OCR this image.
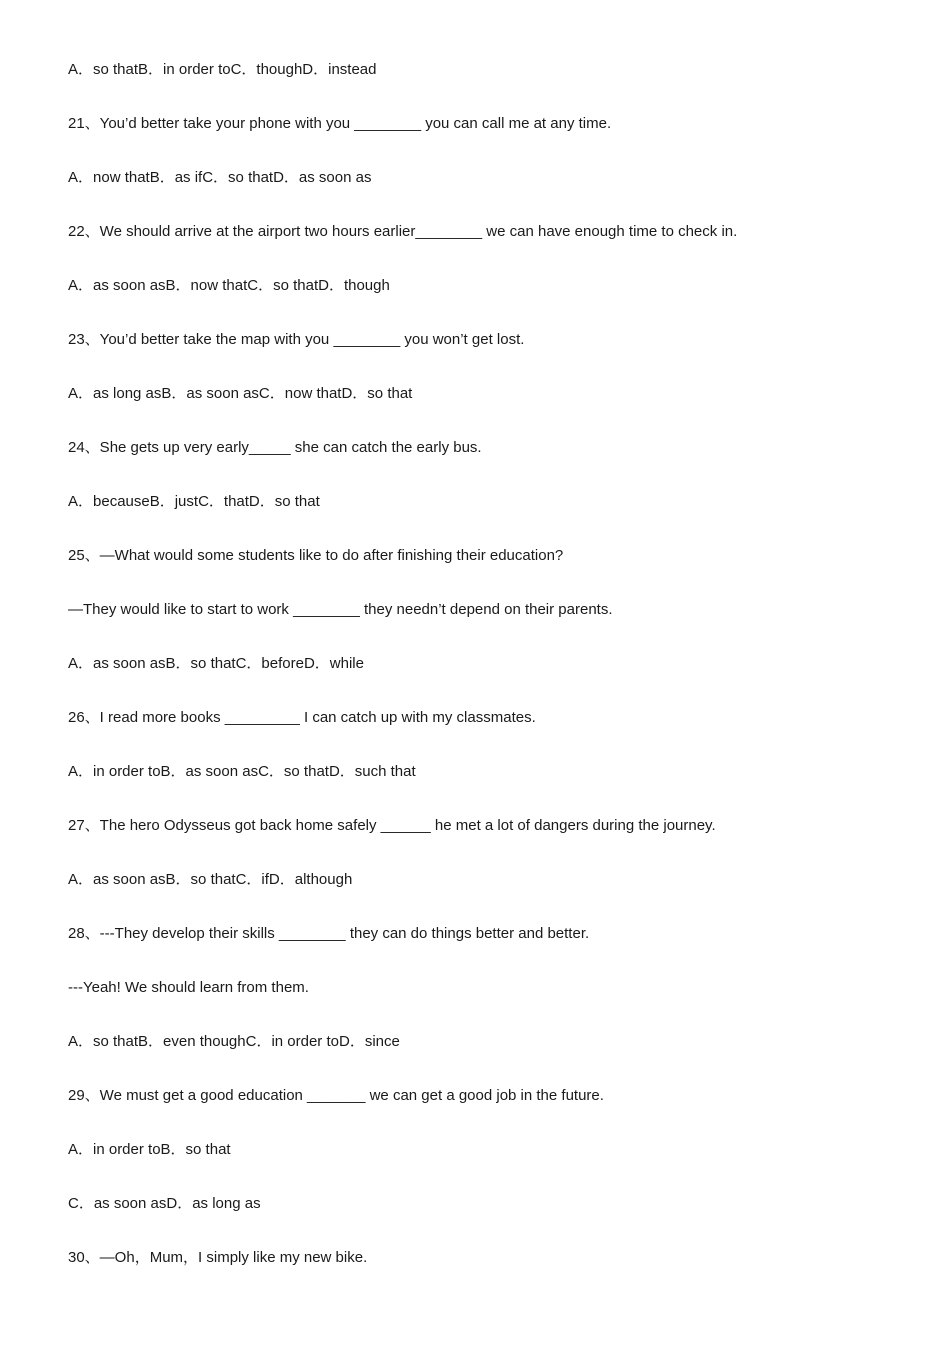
A．so thatB．in order toC．thoughD．instead
21、You’d better take your phone with you ________ you can call me at any time.
A．now thatB．as ifC．so thatD．as soon as
22、We should arrive at the airport two hours earlier________ we can have enough time to check in.
A．as soon asB．now thatC．so thatD．though
23、You’d better take the map with you ________ you won’t get lost.
A．as long asB．as soon asC．now thatD．so that
24、She gets up very early_____ she can catch the early bus.
A．becauseB．justC．thatD．so that
25、—What would some students like to do after finishing their education?
—They would like to start to work ________ they needn’t depend on their parents.
A．as soon asB．so thatC．beforeD．while
26、I read more books _________ I can catch up with my classmates.
A．in order toB．as soon asC．so thatD．such that
27、The hero Odysseus got back home safely ______ he met a lot of dangers during the journey.
A．as soon asB．so thatC．ifD．although
28、---They develop their skills ________ they can do things better and better.
---Yeah! We should learn from them.
A．so thatB．even thoughC．in order toD．since
29、We must get a good education _______ we can get a good job in the future.
A．in order toB．so that
C．as soon asD．as long as
30、—Oh，Mum，I simply like my new bike.
